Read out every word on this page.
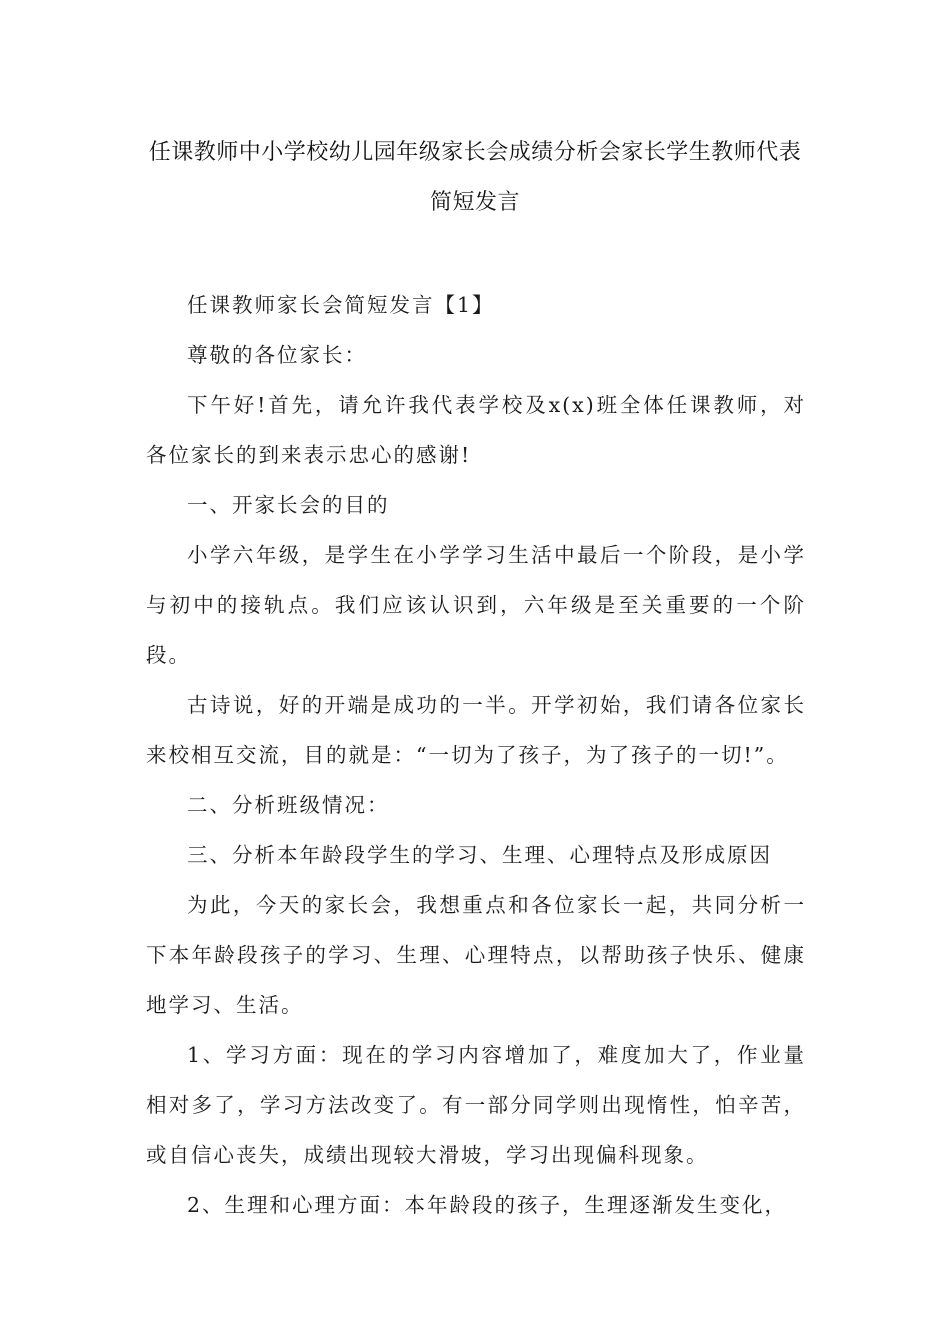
任课教师中小学校幼儿园年级家长会成绩分析会家长学生教师代表
简短发言

任课教师家长会简短发言【1】

尊敬的各位家长：

下午好!首先，请允许我代表学校及x(x)班全体任课教师，对各位家长的到来表示忠心的感谢!

一、开家长会的目的

小学六年级，是学生在小学学习生活中最后一个阶段，是小学与初中的接轨点。我们应该认识到，六年级是至关重要的一个阶段。

古诗说，好的开端是成功的一半。开学初始，我们请各位家长来校相互交流，目的就是：“一切为了孩子，为了孩子的一切!”。

二、分析班级情况：

三、分析本年龄段学生的学习、生理、心理特点及形成原因

为此，今天的家长会，我想重点和各位家长一起，共同分析一下本年龄段孩子的学习、生理、心理特点，以帮助孩子快乐、健康地学习、生活。

1、学习方面：现在的学习内容增加了，难度加大了，作业量相对多了，学习方法改变了。有一部分同学则出现惰性，怕辛苦，或自信心丧失，成绩出现较大滑坡，学习出现偏科现象。

2、生理和心理方面：本年龄段的孩子，生理逐渐发生变化，
